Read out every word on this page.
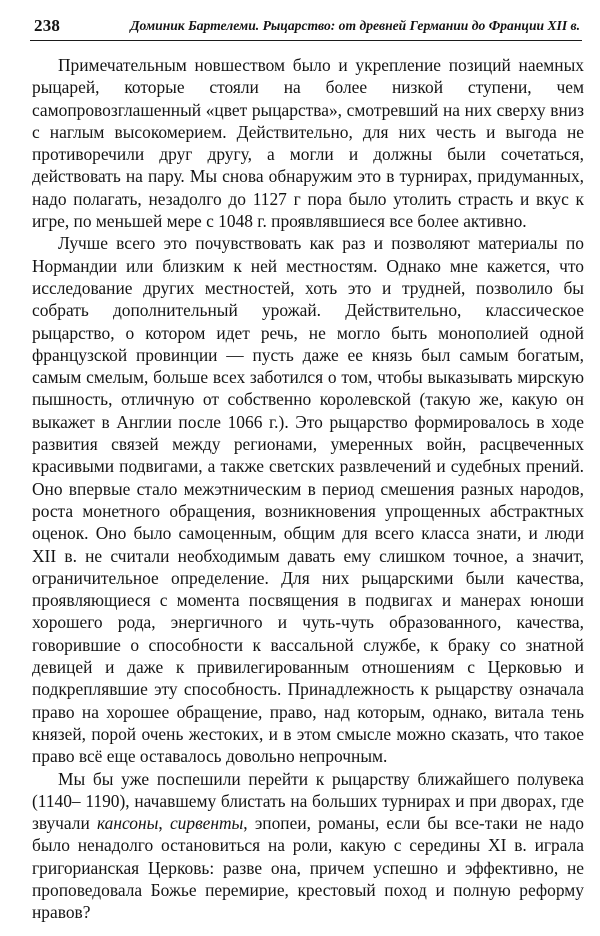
238	Доминик Бартелеми. Рыцарство: от древней Германии до Франции XII в.

Примечательным новшеством было и укрепление позиций наемных рыцарей, которые стояли на более низкой ступени, чем самопровозглашенный «цвет рыцарства», смотревший на них сверху вниз с наглым высокомерием. Действительно, для них честь и выгода не противоречили друг другу, а могли и должны были сочетаться, действовать на пару. Мы снова обнаружим это в турнирах, придуманных, надо полагать, незадолго до 1127 г пора было утолить страсть и вкус к игре, по меньшей мере с 1048 г. проявлявшиеся все более активно.

Лучше всего это почувствовать как раз и позволяют материалы по Нормандии или близким к ней местностям. Однако мне кажется, что исследование других местностей, хоть это и трудней, позволило бы собрать дополнительный урожай. Действительно, классическое рыцарство, о котором идет речь, не могло быть монополией одной французской провинции — пусть даже ее князь был самым богатым, самым смелым, больше всех заботился о том, чтобы выказывать мирскую пышность, отличную от собственно королевской (такую же, какую он выкажет в Англии после 1066 г.). Это рыцарство формировалось в ходе развития связей между регионами, умеренных войн, расцвеченных красивыми подвигами, а также светских развлечений и судебных прений. Оно впервые стало межэтническим в период смешения разных народов, роста монетного обращения, возникновения упрощенных абстрактных оценок. Оно было самоценным, общим для всего класса знати, и люди XII в. не считали необходимым давать ему слишком точное, а значит, ограничительное определение. Для них рыцарскими были качества, проявляющиеся с момента посвящения в подвигах и манерах юноши хорошего рода, энергичного и чуть-чуть образованного, качества, говорившие о способности к вассальной службе, к браку со знатной девицей и даже к привилегированным отношениям с Церковью и подкреплявшие эту способность. Принадлежность к рыцарству означала право на хорошее обращение, право, над которым, однако, витала тень князей, порой очень жестоких, и в этом смысле можно сказать, что такое право всё еще оставалось довольно непрочным.

Мы бы уже поспешили перейти к рыцарству ближайшего полувека (1140– 1190), начавшему блистать на больших турнирах и при дворах, где звучали кансоны, сирвенты, эпопеи, романы, если бы все-таки не надо было ненадолго остановиться на роли, какую с середины XI в. играла григорианская Церковь: разве она, причем успешно и эффективно, не проповедовала Божье перемирие, крестовый поход и полную реформу нравов?
